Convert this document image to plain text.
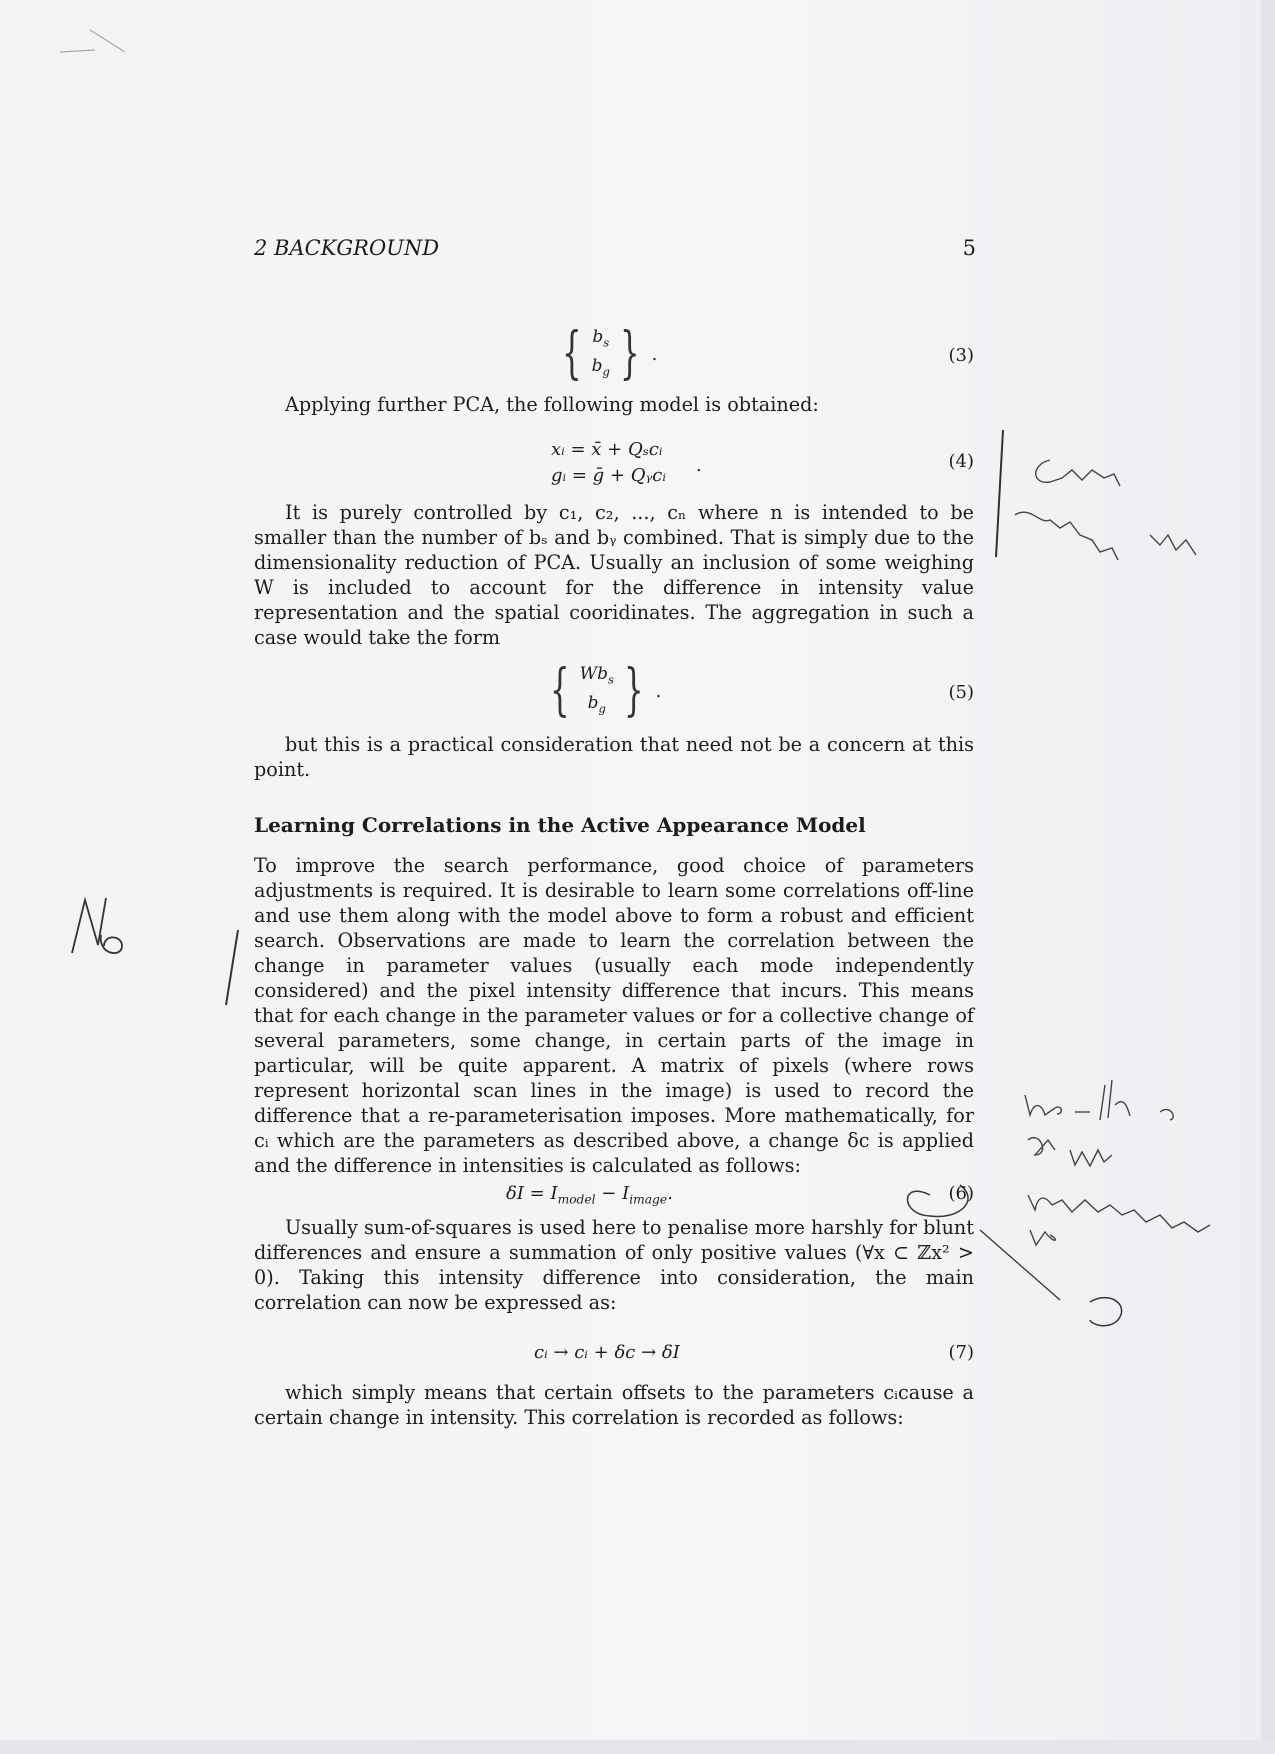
2 BACKGROUND	5
{ $b_s$
$b_g$ } .	(3)
Applying further PCA, the following model is obtained:
xᵢ = x̄ + Qₛcᵢ
gᵢ = ḡ + Qᵧcᵢ .	(4)
It is purely controlled by c₁, c₂, ..., cₙ where n is intended to be smaller than the number of bₛ and bᵧ combined. That is simply due to the dimensionality reduction of PCA. Usually an inclusion of some weighing W is included to account for the difference in intensity value representation and the spatial cooridinates. The aggregation in such a case would take the form
{ $Wb_s$
$b_g$ } .	(5)
but this is a practical consideration that need not be a concern at this point.
Learning Correlations in the Active Appearance Model
To improve the search performance, good choice of parameters adjustments is required. It is desirable to learn some correlations off-line and use them along with the model above to form a robust and efficient search. Observations are made to learn the correlation between the change in parameter values (usually each mode independently considered) and the pixel intensity difference that incurs. This means that for each change in the parameter values or for a collective change of several parameters, some change, in certain parts of the image in particular, will be quite apparent. A matrix of pixels (where rows represent horizontal scan lines in the image) is used to record the difference that a re-parameterisation imposes. More mathematically, for cᵢ which are the parameters as described above, a change δc is applied and the difference in intensities is calculated as follows:
$\delta I = I_{model} - I_{image}$.	(6)
Usually sum-of-squares is used here to penalise more harshly for blunt differences and ensure a summation of only positive values (∀x ⊂ ℤx² > 0). Taking this intensity difference into consideration, the main correlation can now be expressed as:
cᵢ → cᵢ + δc → δI	(7)
which simply means that certain offsets to the parameters cᵢcause a certain change in intensity. This correlation is recorded as follows:
